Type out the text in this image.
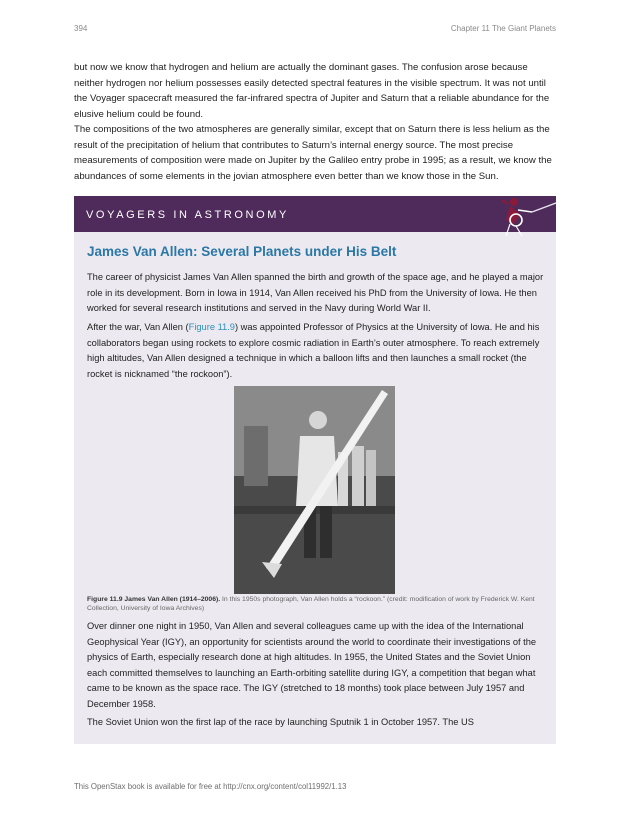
394	Chapter 11 The Giant Planets

but now we know that hydrogen and helium are actually the dominant gases. The confusion arose because neither hydrogen nor helium possesses easily detected spectral features in the visible spectrum. It was not until the Voyager spacecraft measured the far-infrared spectra of Jupiter and Saturn that a reliable abundance for the elusive helium could be found.

The compositions of the two atmospheres are generally similar, except that on Saturn there is less helium as the result of the precipitation of helium that contributes to Saturn’s internal energy source. The most precise measurements of composition were made on Jupiter by the Galileo entry probe in 1995; as a result, we know the abundances of some elements in the jovian atmosphere even better than we know those in the Sun.

VOYAGERS IN ASTRONOMY
James Van Allen: Several Planets under His Belt

The career of physicist James Van Allen spanned the birth and growth of the space age, and he played a major role in its development. Born in Iowa in 1914, Van Allen received his PhD from the University of Iowa. He then worked for several research institutions and served in the Navy during World War II.

After the war, Van Allen (Figure 11.9) was appointed Professor of Physics at the University of Iowa. He and his collaborators began using rockets to explore cosmic radiation in Earth’s outer atmosphere. To reach extremely high altitudes, Van Allen designed a technique in which a balloon lifts and then launches a small rocket (the rocket is nicknamed “the rockoon”).

Figure 11.9 James Van Allen (1914–2006). In this 1950s photograph, Van Allen holds a “rockoon.” (credit: modification of work by Frederick W. Kent Collection, University of Iowa Archives)

Over dinner one night in 1950, Van Allen and several colleagues came up with the idea of the International Geophysical Year (IGY), an opportunity for scientists around the world to coordinate their investigations of the physics of Earth, especially research done at high altitudes. In 1955, the United States and the Soviet Union each committed themselves to launching an Earth-orbiting satellite during IGY, a competition that began what came to be known as the space race. The IGY (stretched to 18 months) took place between July 1957 and December 1958.

The Soviet Union won the first lap of the race by launching Sputnik 1 in October 1957. The US

This OpenStax book is available for free at http://cnx.org/content/col11992/1.13
